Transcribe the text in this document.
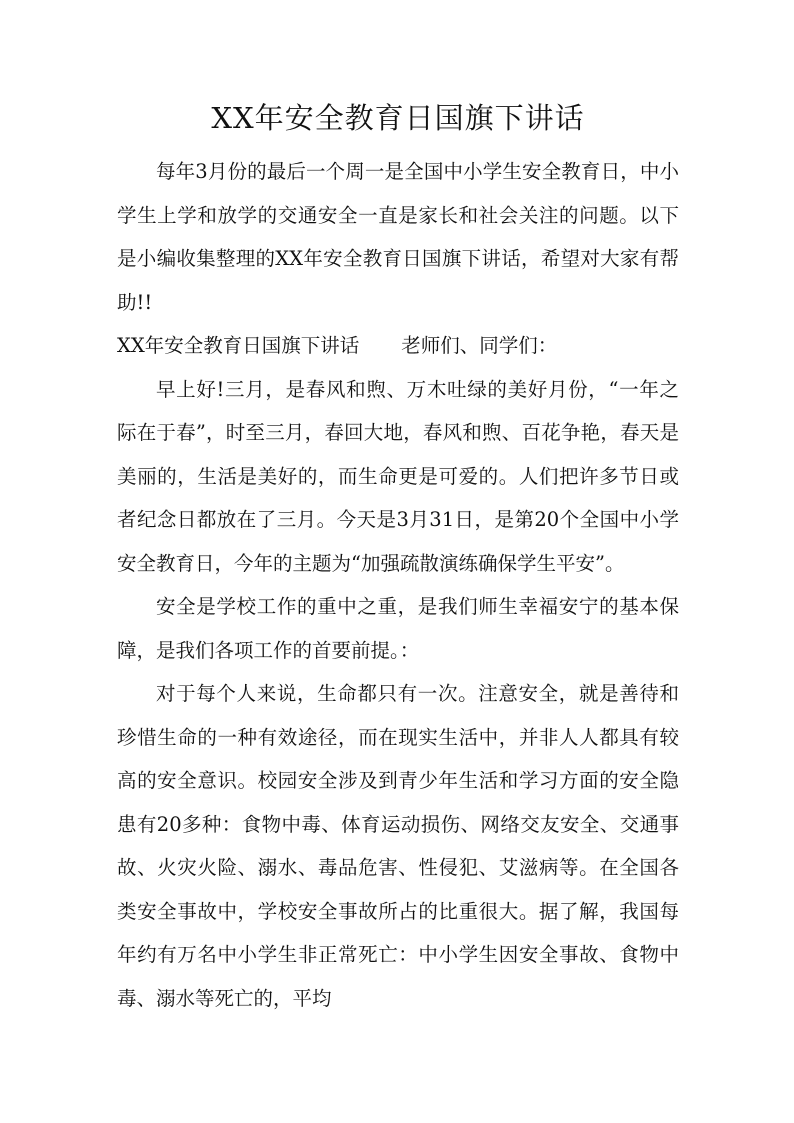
XX年安全教育日国旗下讲话

每年3月份的最后一个周一是全国中小学生安全教育日，中小学生上学和放学的交通安全一直是家长和社会关注的问题。以下是小编收集整理的XX年安全教育日国旗下讲话，希望对大家有帮助!!

XX年安全教育日国旗下讲话 老师们、同学们：

早上好!三月，是春风和煦、万木吐绿的美好月份，“一年之际在于春”，时至三月，春回大地，春风和煦、百花争艳，春天是美丽的，生活是美好的，而生命更是可爱的。人们把许多节日或者纪念日都放在了三月。今天是3月31日，是第20个全国中小学安全教育日，今年的主题为“加强疏散演练确保学生平安”。

安全是学校工作的重中之重，是我们师生幸福安宁的基本保障，是我们各项工作的首要前提。：

对于每个人来说，生命都只有一次。注意安全，就是善待和珍惜生命的一种有效途径，而在现实生活中，并非人人都具有较高的安全意识。校园安全涉及到青少年生活和学习方面的安全隐患有20多种：食物中毒、体育运动损伤、网络交友安全、交通事故、火灾火险、溺水、毒品危害、性侵犯、艾滋病等。在全国各类安全事故中，学校安全事故所占的比重很大。据了解，我国每年约有万名中小学生非正常死亡：中小学生因安全事故、食物中毒、溺水等死亡的，平均
